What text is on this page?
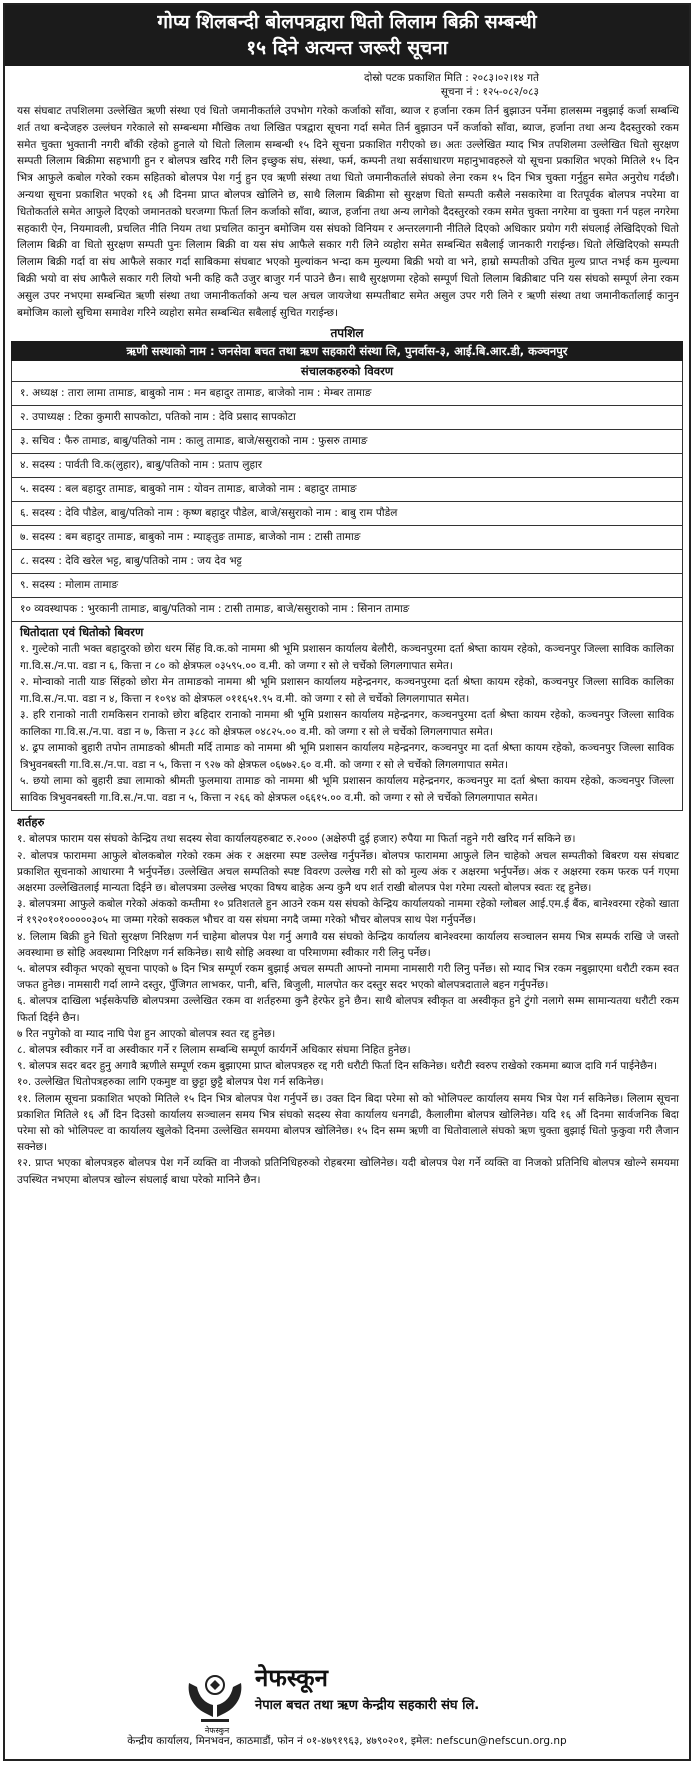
गोप्य शिलबन्दी बोलपत्रद्वारा धितो लिलाम बिक्री सम्बन्धी
१५ दिने अत्यन्त जरूरी सूचना
दोस्रो पटक प्रकाशित मिति : २०८३।०२।१४ गते
सूचना नं : १२५-०८२/०८३
यस संघबाट तपशिलमा उल्लेखित ऋणी संस्था एवं धितो जमानीकर्ताले उपभोग गरेको कर्जाको साँवा, ब्याज र हर्जाना रकम तिर्न बुझाउन पर्नेमा हालसम्म नबुझाई कर्जा सम्बन्धि शर्त तथा बन्देजहरु उल्लंघन गरेकाले सो सम्बन्धमा मौखिक तथा लिखित पत्रद्वारा सूचना गर्दा समेत तिर्न बुझाउन पर्ने कर्जाको साँवा, ब्याज, हर्जाना तथा अन्य दैदस्तुरको रकम समेत चुक्ता भुक्तानी नगरी बाँकी रहेको हुनाले यो धितो लिलाम सम्बन्धी १५ दिने सूचना प्रकाशित गरीएको छ। अतः उल्लेखित म्याद भित्र तपशिलमा उल्लेखित धितो सुरक्षण सम्पती लिलाम बिक्रीमा सहभागी हुन र बोलपत्र खरिद गरी लिन इच्छुक संघ, संस्था, फर्म, कम्पनी तथा सर्वसाधारण महानुभावहरुले यो सूचना प्रकाशित भएको मितिले १५ दिन भित्र आफुले कबोल गरेको रकम सहितको बोलपत्र पेश गर्नु हुन एव ऋणी संस्था तथा धितो जमानीकर्ताले संघको लेना रकम १५ दिन भित्र चुक्ता गर्नुहुन समेत अनुरोध गर्दछौ। अन्यथा सूचना प्रकाशित भएको १६ औ दिनमा प्राप्त बोलपत्र खोलिने छ, साथै लिलाम बिक्रीमा सो सुरक्षण धितो सम्पती कसैले नसकारेमा वा रितपूर्वक बोलपत्र नपरेमा वा धितोकर्ताले समेत आफुले दिएको जमानतको घरजग्गा फिर्ता लिन कर्जाको साँवा, ब्याज, हर्जाना तथा अन्य लागेको दैदस्तुरको रकम समेत चुक्ता नगरेमा वा चुक्ता गर्न पहल नगरेमा सहकारी ऐन, नियमावली, प्रचलित नीति नियम तथा प्रचलित कानुन बमोजिम यस संघको विनियम र अन्तरलगानी नीतिले दिएको अधिकार प्रयोग गरी संघलाई लेखिदिएको धितो लिलाम बिक्री वा धितो सुरक्षण सम्पती पुनः लिलाम बिक्री वा यस संघ आफैले सकार गरी लिने व्यहोरा समेत सम्बन्धित सबैलाई जानकारी गराईन्छ। धितो लेखिदिएको सम्पती लिलाम बिक्री गर्दा वा संघ आफैले सकार गर्दा साबिकमा संघबाट भएको मुल्यांकन भन्दा कम मुल्यमा बिक्री भयो वा भने, हाम्रो सम्पतीको उचित मुल्य प्राप्त नभई कम मुल्यमा बिक्री भयो वा संघ आफैले सकार गरी लियो भनी कहि कतै उजुर बाजुर गर्न पाउने छैन। साथै सुरक्षणमा रहेको सम्पूर्ण धितो लिलाम बिक्रीबाट पनि यस संघको सम्पूर्ण लेना रकम असुल उपर नभएमा सम्बन्धित ऋणी संस्था तथा जमानीकर्ताको अन्य चल अचल जायजेथा सम्पतीबाट समेत असुल उपर गरी लिने र ऋणी संस्था तथा जमानीकर्तालाई कानुन बमोजिम कालो सुचिमा समावेश गरिने व्यहोरा समेत सम्बन्धित सबैलाई सुचित गराईन्छ।
तपशिल
ऋणी सस्थाको नाम : जनसेवा बचत तथा ऋण सहकारी संस्था लि, पुनर्वास-३, आई.बि.आर.डी, कञ्चनपुर
संचालकहरुको विवरण
१. अध्यक्ष : तारा लामा तामाङ, बाबुको नाम : मन बहादुर तामाङ, बाजेको नाम : मेम्बर तामाङ
२. उपाध्यक्ष : टिका कुमारी सापकोटा, पतिको नाम : देवि प्रसाद सापकोटा
३. सचिव : फैरु तामाङ, बाबु/पतिको नाम : कालु तामाङ, बाजे/ससुराको नाम : फुसरु तामाङ
४. सदस्य : पार्वती वि.क(लुहार), बाबु/पतिको नाम : प्रताप लुहार
५. सदस्य : बल बहादुर तामाङ, बाबुको नाम : योवन तामाङ, बाजेको नाम : बहादुर तामाङ
६. सदस्य : देवि पौडेल, बाबु/पतिको नाम : कृष्ण बहादुर पौडेल, बाजे/ससुराको नाम : बाबु राम पौडेल
७. सदस्य : बम बहादुर तामाङ, बाबुको नाम : म्याङ्तुङ तामाङ, बाजेको नाम : टासी तामाङ
८. सदस्य : देवि खरेल भट्ट, बाबु/पतिको नाम : जय देव भट्ट
९. सदस्य : मोलाम तामाङ
१० व्यवस्थापक : भुरकानी तामाङ, बाबु/पतिको नाम : टासी तामाङ, बाजे/ससुराको नाम : सिनान तामाङ
धितोदाता एवं धितोको बिवरण
१. गुल्टेको नाती भक्त बहादुरको छोरा धरम सिंह वि.क.को नाममा श्री भूमि प्रशासन कार्यालय बेलौरी, कञ्चनपुरमा दर्ता श्रेष्ता कायम रहेको, कञ्चनपुर जिल्ला साविक कालिका गा.वि.स./न.पा. वडा न ६, कित्ता न ८० को क्षेत्रफल ०३५९५.०० व.मी. को जग्गा र सो ले चर्चेको लिगलगापात समेत।
२. मोन्वाको नाती याङ सिंहको छोरा मेन तामाङको नाममा श्री भूमि प्रशासन कार्यालय महेन्द्रनगर, कञ्चनपुरमा दर्ता श्रेष्ता कायम रहेको, कञ्चनपुर जिल्ला साविक कालिका गा.वि.स./न.पा. वडा न ४, कित्ता न १०९४ को क्षेत्रफल ०११६५१.९५ व.मी. को जग्गा र सो ले चर्चेको लिगलगापात समेत।
३. हरि रानाको नाती रामकिसन रानाको छोरा बहिदार रानाको नाममा श्री भूमि प्रशासन कार्यालय महेन्द्रनगर, कञ्चनपुरमा दर्ता श्रेष्ता कायम रहेको, कञ्चनपुर जिल्ला साविक कालिका गा.वि.स./न.पा. वडा न ७, कित्ता न ३८८ को क्षेत्रफल ०४८२५.०० व.मी. को जग्गा र सो ले चर्चेको लिगलगापात समेत।
४. ढ्रप लामाको बुहारी तपोन तामाङको श्रीमती मर्दि तामाङ को नाममा श्री भूमि प्रशासन कार्यालय महेन्द्रनगर, कञ्चनपुर मा दर्ता श्रेष्ता कायम रहेको, कञ्चनपुर जिल्ला साविक त्रिभुवनबस्ती गा.वि.स./न.पा. वडा न ५, कित्ता न ९२७ को क्षेत्रफल ०६७७२.६० व.मी. को जग्गा र सो ले चर्चेको लिगलगापात समेत।
५. छयो लामा को बुहारी ड्या लामाको श्रीमती फुलमाया तामाङ को नाममा श्री भूमि प्रशासन कार्यालय महेन्द्रनगर, कञ्चनपुर मा दर्ता श्रेष्ता कायम रहेको, कञ्चनपुर जिल्ला साविक त्रिभुवनबस्ती गा.वि.स./न.पा. वडा न ५, कित्ता न २६६ को क्षेत्रफल ०६६१५.०० व.मी. को जग्गा र सो ले चर्चेको लिगलगापात समेत।
शर्तहरु
१. बोलपत्र फाराम यस संघको केन्द्रिय तथा सदस्य सेवा कार्यालयहरुबाट रु.२००० (अक्षेरुपी दुई हजार) रुपैया मा फिर्ता नहुने गरी खरिद गर्न सकिने छ।
२. बोलपत्र फाराममा आफुले बोलकबोल गरेको रकम अंक र अक्षरमा स्पष्ट उल्लेख गर्नुपर्नेछ। बोलपत्र फाराममा आफुले लिन चाहेको अचल सम्पतीको बिबरण यस संघबाट प्रकाशित सूचनाको आधारमा नै भर्नुपर्नेछ। उल्लेखित अचल सम्पतिको स्पष्ट विवरण उल्लेख गरी सो को मुल्य अंक र अक्षरमा भर्नुपर्नेछ। अंक र अक्षरमा रकम फरक पर्न गएमा अक्षरमा उल्लेखितलाई मान्यता दिईने छ। बोलपत्रमा उल्लेख भएका विषय बाहेक अन्य कुनै थप शर्त राखी बोलपत्र पेश गरेमा त्यस्तो बोलपत्र स्वतः रद्द हुनेछ।
३. बोलपत्रमा आफुले कबोल गरेको अंकको कम्तीमा १० प्रतिशतले हुन आउने रकम यस संघको केन्द्रिय कार्यालयको नाममा रहेको ग्लोबल आई.एम.ई बैंक, बानेश्वरमा रहेको खाता नं १९२०१०१०००००३०५ मा जम्मा गरेको सक्कल भौचर वा यस संघमा नगदै जम्मा गरेको भौचर बोलपत्र साथ पेश गर्नुपर्नेछ।
४. लिलाम बिक्री हुने धितो सुरक्षण निरिक्षण गर्न चाहेमा बोलपत्र पेश गर्नु अगावै यस संघको केन्द्रिय कार्यालय बानेश्वरमा कार्यालय सञ्चालन समय भित्र सम्पर्क राखि जे जस्तो अवस्थामा छ सोहि अवस्थामा निरिक्षण गर्न सकिनेछ। साथै सोहि अवस्था वा परिमाणमा स्वीकार गरी लिनु पर्नेछ।
५. बोलपत्र स्वीकृत भएको सूचना पाएको ७ दिन भित्र सम्पूर्ण रकम बुझाई अचल सम्पती आफ्नो नाममा नामसारी गरी लिनु पर्नेछ। सो म्याद भित्र रकम नबुझाएमा धरौटी रकम स्वत जफत हुनेछ। नामसारी गर्दा लाग्ने दस्तुर, पुँजिगत लाभकर, पानी, बत्ति, बिजुली, मालपोत कर दस्तुर सदर भएको बोलपत्रदाताले बहन गर्नुपर्नेछ।
६. बोलपत्र दाखिला भईसकेपछि बोलपत्रमा उल्लेखित रकम वा शर्तहरुमा कुनै हेरफेर हुने छैन। साथै बोलपत्र स्वीकृत वा अस्वीकृत हुने टुंगो नलागे सम्म सामान्यतया धरौटी रकम फिर्ता दिईने छैन।
७ रित नपुगेको वा म्याद नाघि पेश हुन आएको बोलपत्र स्वत रद्द हुनेछ।
८. बोलपत्र स्वीकार गर्ने वा अस्वीकार गर्ने र लिलाम सम्बन्धि सम्पूर्ण कार्यगर्ने अधिकार संघमा निहित हुनेछ।
९. बोलपत्र सदर बदर हुनु अगावै ऋणीले सम्पूर्ण रकम बुझाएमा प्राप्त बोलपत्रहरु रद्द गरी धरौटी फिर्ता दिन सकिनेछ। धरौटी स्वरुप राखेको रकममा ब्याज दावि गर्न पाईनेछैन।
१०. उल्लेखित धितोपत्रहरुका लागि एकमुष्ट वा छुट्टा छुट्टै बोलपत्र पेश गर्न सकिनेछ।
११. लिलाम सूचना प्रकाशित भएको मितिले १५ दिन भित्र बोलपत्र पेश गर्नुपर्ने छ। उक्त दिन बिदा परेमा सो को भोलिपल्ट कार्यालय समय भित्र पेश गर्न सकिनेछ। लिलाम सूचना प्रकाशित मितिले १६ औं दिन दिउसो कार्यालय सञ्चालन समय भित्र संघको सदस्य सेवा कार्यालय धनगढी, कैलालीमा बोलपत्र खोलिनेछ। यदि १६ औं दिनमा सार्वजनिक बिदा परेमा सो को भोलिपल्ट वा कार्यालय खुलेको दिनमा उल्लेखित समयमा बोलपत्र खोलिनेछ। १५ दिन सम्म ऋणी वा धितोवालाले संघको ऋण चुक्ता बुझाई धितो फुकुवा गरी लैजान सक्नेछ।
१२. प्राप्त भएका बोलपत्रहरु बोलपत्र पेश गर्ने व्यक्ति वा नीजको प्रतिनिधिहरुको रोहबरमा खोलिनेछ। यदी बोलपत्र पेश गर्ने व्यक्ति वा निजको प्रतिनिधि बोलपत्र खोल्ने समयमा उपस्थित नभएमा बोलपत्र खोल्न संघलाई बाधा परेको मानिने छैन।
नेफस्कुन
नेफस्कून
नेपाल बचत तथा ऋण केन्द्रीय सहकारी संघ लि.
केन्द्रीय कार्यालय, मिनभवन, काठमाडौं, फोन नं ०१-४७९१९६३, ४७९०२०१, इमेल: nefscun@nefscun.org.np
